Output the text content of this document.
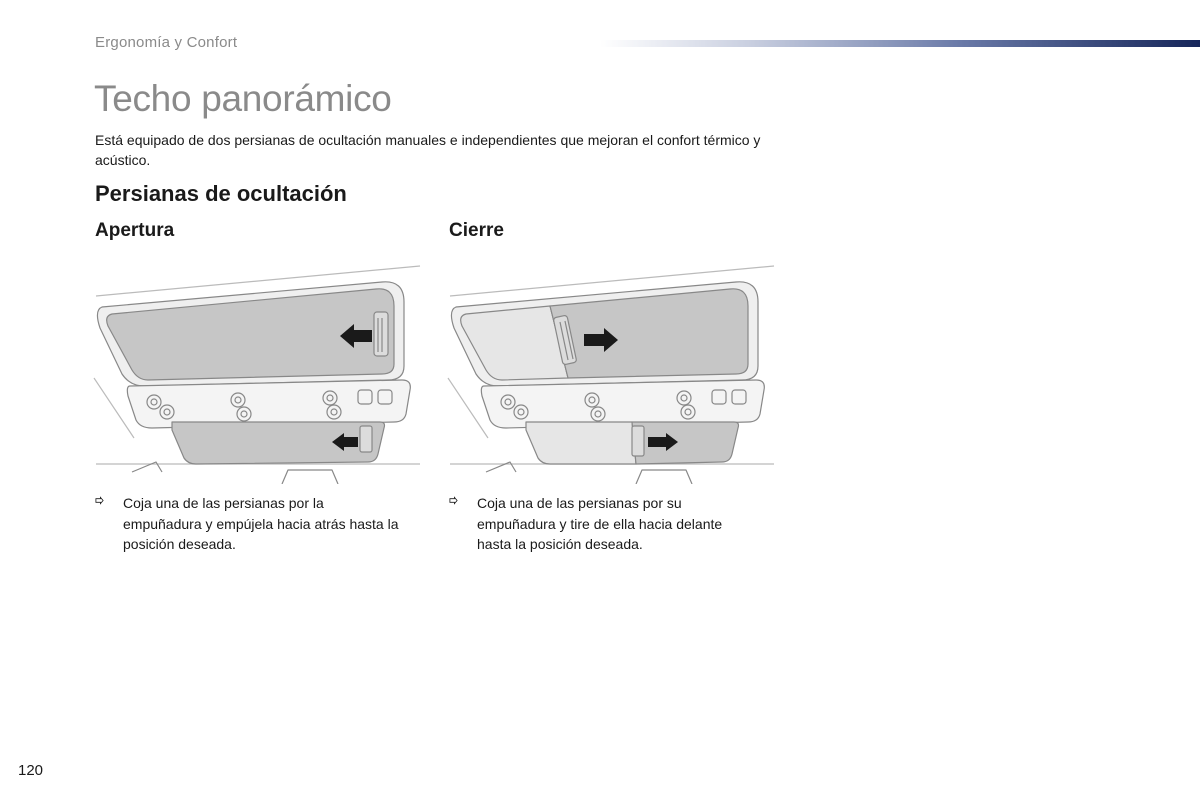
Ergonomía y Confort
Techo panorámico

Está equipado de dos persianas de ocultación manuales e independientes que mejoran el confort térmico y acústico.

Persianas de ocultación
Apertura
Coja una de las persianas por la empuñadura y empújela hacia atrás hasta la posición deseada.
Cierre
Coja una de las persianas por su empuñadura y tire de ella hacia delante hasta la posición deseada.
120
